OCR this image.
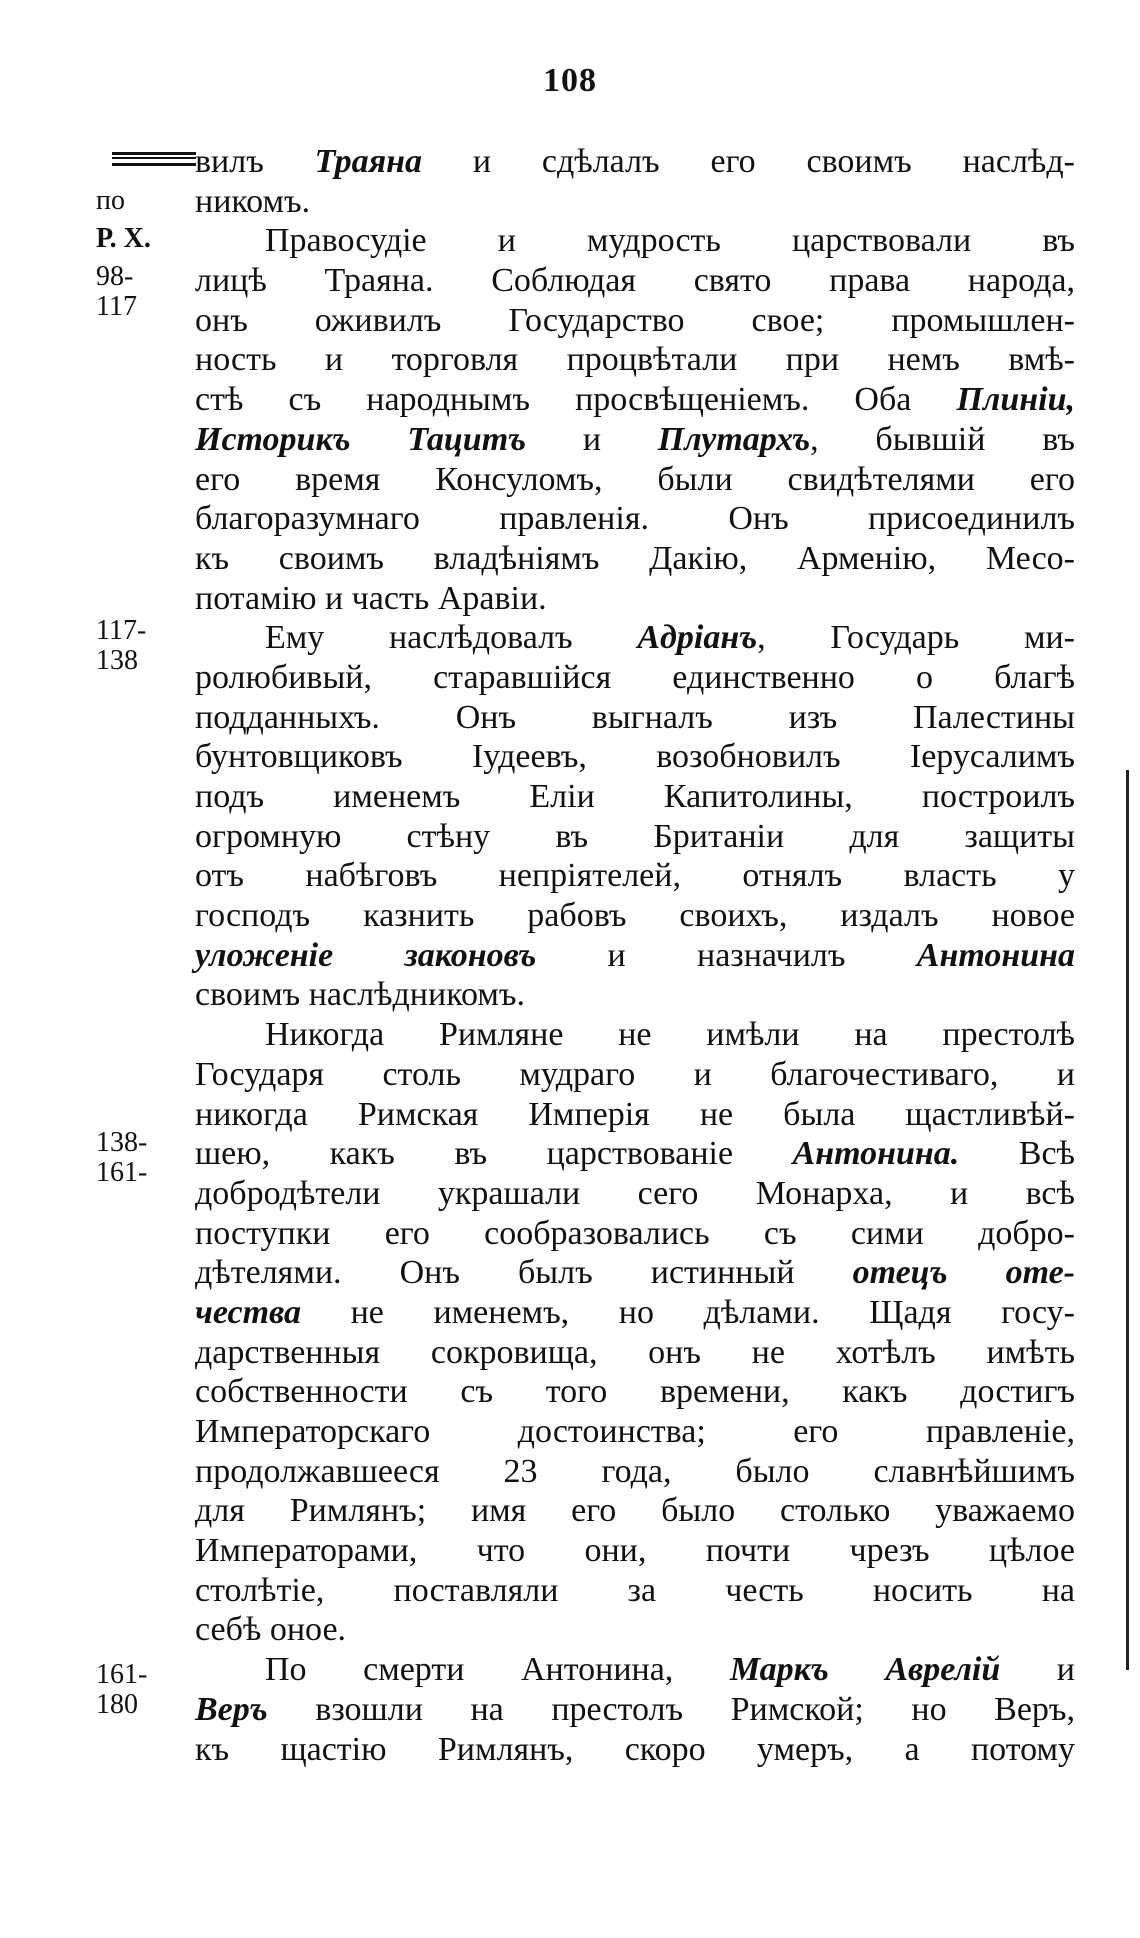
108
по
Р. Х.
98-
117
117-
138
138-
161-
161-
180
вилъ Траяна и сдѣлалъ его своимъ наслѣд-
никомъ.
Правосудіе и мудрость царствовали въ
лицѣ Траяна. Соблюдая свято права народа,
онъ оживилъ Государство свое; промышлен-
ность и торговля процвѣтали при немъ вмѣ-
стѣ съ народнымъ просвѣщеніемъ. Оба Плиніи,
Историкъ Тацитъ и Плутархъ, бывшій въ
его время Консуломъ, были свидѣтелями его
благоразумнаго правленія. Онъ присоединилъ
къ своимъ владѣніямъ Дакію, Арменію, Месо-
потамію и часть Аравіи.
Ему наслѣдовалъ Адріанъ, Государь ми-
ролюбивый, старавшійся единственно о благѣ
подданныхъ. Онъ выгналъ изъ Палестины
бунтовщиковъ Іудеевъ, возобновилъ Іерусалимъ
подъ именемъ Еліи Капитолины, построилъ
огромную стѣну въ Британіи для защиты
отъ набѣговъ непріятелей, отнялъ власть у
господъ казнить рабовъ своихъ, издалъ новое
уложеніе законовъ и назначилъ Антонина
своимъ наслѣдникомъ.
Никогда Римляне не имѣли на престолѣ
Государя столь мудраго и благочестиваго, и
никогда Римская Имперія не была щастливѣй-
шею, какъ въ царствованіе Антонина. Всѣ
добродѣтели украшали сего Монарха, и всѣ
поступки его сообразовались съ сими добро-
дѣтелями. Онъ былъ истинный отецъ оте-
чества не именемъ, но дѣлами. Щадя госу-
дарственныя сокровища, онъ не хотѣлъ имѣть
собственности съ того времени, какъ достигъ
Императорскаго достоинства; его правленіе,
продолжавшееся 23 года, было славнѣйшимъ
для Римлянъ; имя его было столько уважаемо
Императорами, что они, почти чрезъ цѣлое
столѣтіе, поставляли за честь носить на
себѣ оное.
По смерти Антонина, Маркъ Аврелій и
Веръ взошли на престолъ Римской; но Веръ,
къ щастію Римлянъ, скоро умеръ, а потому
